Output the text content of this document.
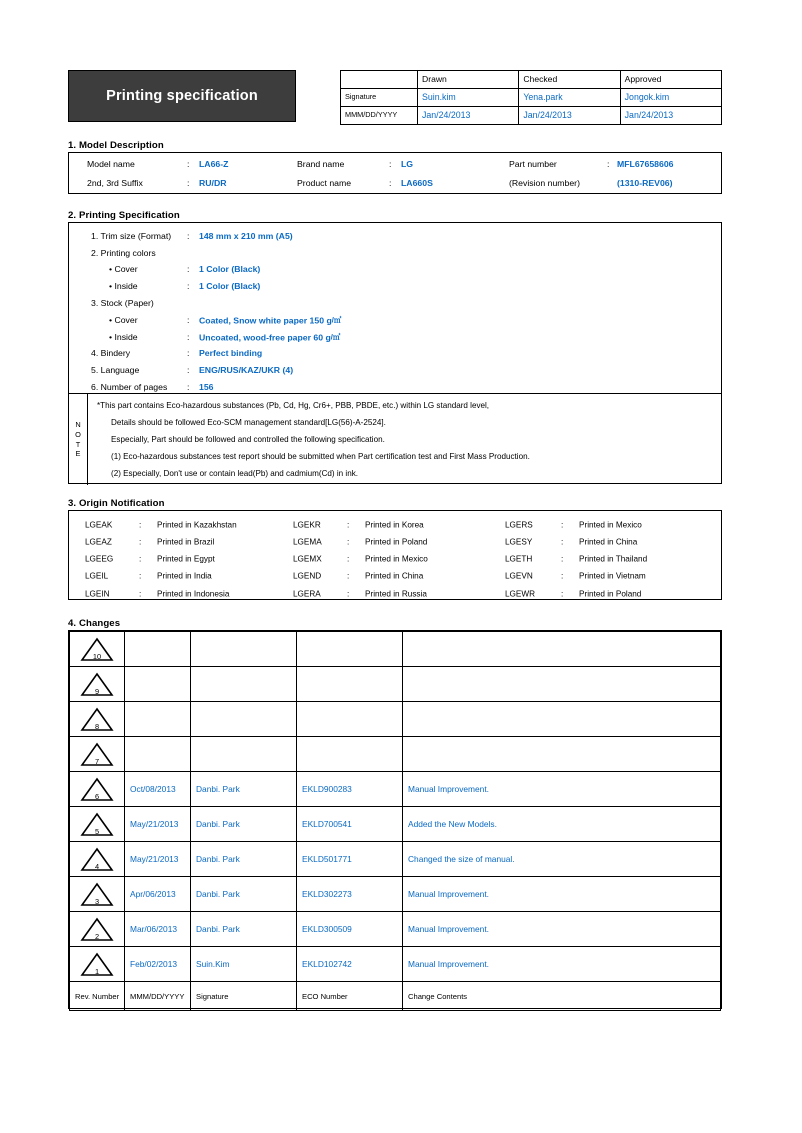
Printing specification
	Drawn	Checked	Approved
Signature	Suin.kim	Yena.park	Jongok.kim
MMM/DD/YYYY	Jan/24/2013	Jan/24/2013	Jan/24/2013
1. Model Description
Model name	: LA66-Z	Brand name	: LG	Part number	: MFL67658606
2nd, 3rd Suffix	: RU/DR	Product name	: LA660S	(Revision number)	(1310-REV06)
2. Printing Specification
N
O
T
E
*This part contains Eco-hazardous substances (Pb, Cd, Hg, Cr6+, PBB, PBDE, etc.) within LG standard level,
Details should be followed Eco-SCM management standard[LG(56)-A-2524].
Especially, Part should be followed and controlled the following specification.
(1) Eco-hazardous substances test report should be submitted when Part certification test and First Mass Production.
(2) Especially, Don't use or contain lead(Pb) and cadmium(Cd) in ink.
1. Trim size (Format) : 148 mm x 210 mm (A5)
2. Printing colors
• Cover	: 1 Color (Black)
• Inside	: 1 Color (Black)
3. Stock (Paper)
• Cover	: Coated, Snow white paper 150 g/㎡
• Inside	: Uncoated, wood-free paper 60 g/㎡
4. Bindery	: Perfect binding
5. Language	: ENG/RUS/KAZ/UKR (4)
6. Number of pages : 156
3. Origin Notification
LGEAK	: Printed in Kazakhstan	LGEKR	: Printed in Korea	LGERS	: Printed in Mexico
LGEAZ	: Printed in Brazil	LGEMA	: Printed in Poland	LGESY	: Printed in China
LGEEG	: Printed in Egypt	LGEMX	: Printed in Mexico	LGETH	: Printed in Thailand
LGEIL	: Printed in India	LGEND	: Printed in China	LGEVN	: Printed in Vietnam
LGEIN	: Printed in Indonesia	LGERA	: Printed in Russia	LGEWR	: Printed in Poland
4. Changes
10				

9				

8				

7				

6	Oct/08/2013	Danbi. Park	EKLD900283	Manual Improvement.

5	May/21/2013	Danbi. Park	EKLD700541	Added the New Models.

4	May/21/2013	Danbi. Park	EKLD501771	Changed the size of manual.

3	Apr/06/2013	Danbi. Park	EKLD302273	Manual Improvement.

2	Mar/06/2013	Danbi. Park	EKLD300509	Manual Improvement.

1	Feb/02/2013	Suin.Kim	EKLD102742	Manual Improvement.
Rev. Number	MMM/DD/YYYY	Signature	ECO Number	Change Contents
